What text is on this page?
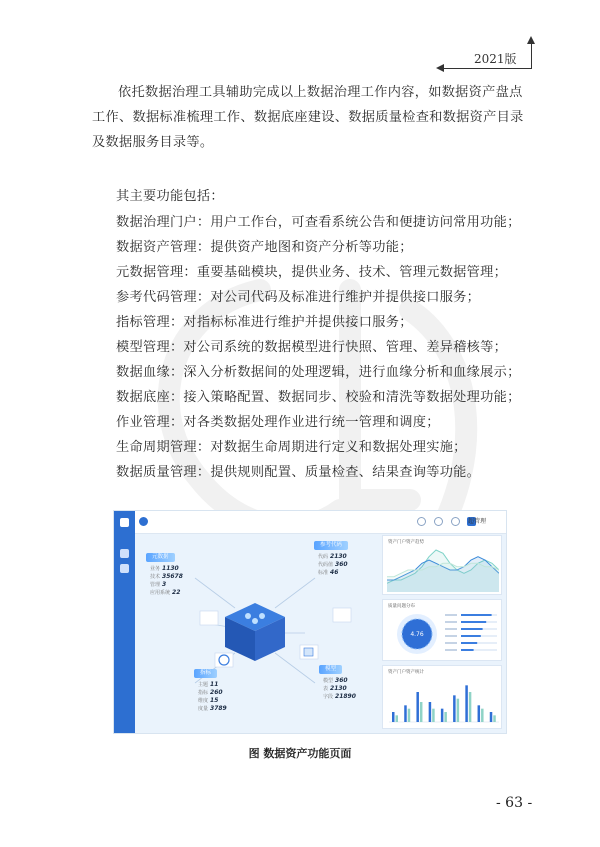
2021版
依托数据治理工具辅助完成以上数据治理工作内容，如数据资产盘点工作、数据标准梳理工作、数据底座建设、数据质量检查和数据资产目录及数据服务目录等。
其主要功能包括：
数据治理门户：用户工作台，可查看系统公告和便捷访问常用功能；
数据资产管理：提供资产地图和资产分析等功能；
元数据管理：重要基础模块，提供业务、技术、管理元数据管理；
参考代码管理：对公司代码及标准进行维护并提供接口服务；
指标管理：对指标标准进行维护并提供接口服务；
模型管理：对公司系统的数据模型进行快照、管理、差异稽核等；
数据血缘：深入分析数据间的处理逻辑，进行血缘分析和血缘展示；
数据底座：接入策略配置、数据同步、校验和清洗等数据处理功能；
作业管理：对各类数据处理作业进行统一管理和调度；
生命周期管理：对数据生命周期进行定义和数据处理实施；
数据质量管理：提供规则配置、质量检查、结果查询等功能。
超管理
元数据
业务 1130
技术 35678
管理 3
应用系统 22
参考代码
代码 2130
代码值 360
标准 46
指标
主题 11
指标 260
维度 15
度量 3789
模型
模型 360
表 2130
字段 21890
资产门户资产趋势
质量问题分布
4.76
资产门户资产统计
图 数据资产功能页面
- 63 -
